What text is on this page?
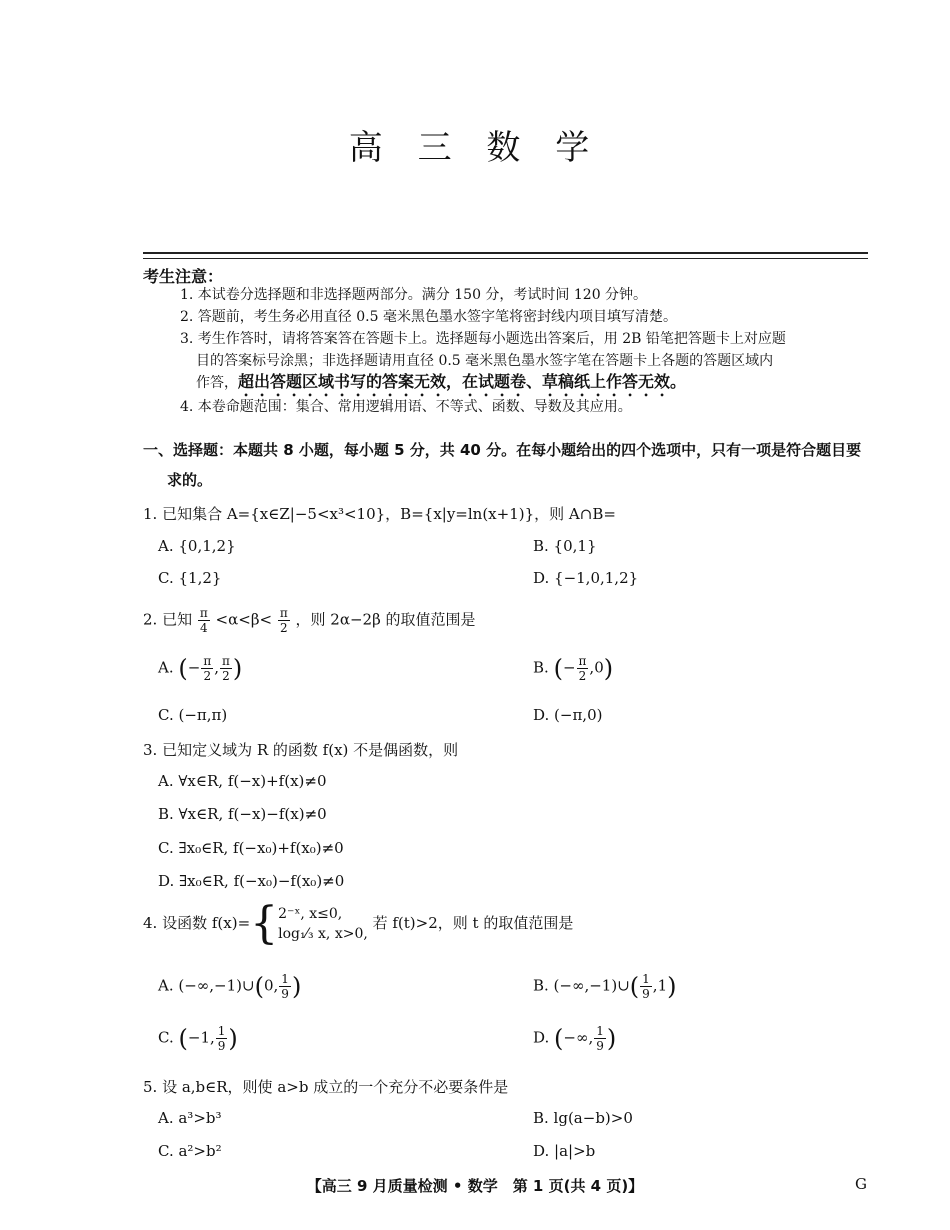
高 三 数 学
考生注意：
1. 本试卷分选择题和非选择题两部分。满分 150 分，考试时间 120 分钟。
2. 答题前，考生务必用直径 0.5 毫米黑色墨水签字笔将密封线内项目填写清楚。
3. 考生作答时，请将答案答在答题卡上。选择题每小题选出答案后，用 2B 铅笔把答题卡上对应题
目的答案标号涂黑；非选择题请用直径 0.5 毫米黑色墨水签字笔在答题卡上各题的答题区域内
作答，超出答题区域书写的答案无效，在试题卷、草稿纸上作答无效。
4. 本卷命题范围：集合、常用逻辑用语、不等式、函数、导数及其应用。
一、选择题：本题共 8 小题，每小题 5 分，共 40 分。在每小题给出的四个选项中，只有一项是符合题目要
求的。
1. 已知集合 A={x∈Z|−5<x³<10}，B={x|y=ln(x+1)}，则 A∩B=
A. {0,1,2}	B. {0,1}
C. {1,2}	D. {−1,0,1,2}
2. 已知 $\frac{\pi}{4} <\alpha<\beta< \frac{\pi}{2}$ ，则 2α−2β 的取值范围是
A. (− $\frac{\pi}{2}$ , $\frac{\pi}{2}$ )	B. (− $\frac{\pi}{2} ,0$)
C. (−π,π)	D. (−π,0)
3. 已知定义域为 R 的函数 f(x) 不是偶函数，则
A. ∀x∈R, f(−x)+f(x)≠0
B. ∀x∈R, f(−x)−f(x)≠0
C. ∃x₀∈R, f(−x₀)+f(x₀)≠0
D. ∃x₀∈R, f(−x₀)−f(x₀)≠0
4. 设函数 f(x)={ 2⁻ˣ, x≤0,
log₁⁄₃ x, x>0,
若 f(t)>2，则 t 的取值范围是
A. (−∞,−1)∪(0, $\frac{1}{9}$ )	B. (−∞,−1)∪( $\frac{1}{9} ,1$)
C. (−1, $\frac{1}{9}$ )	D. (−∞, $\frac{1}{9}$ )
5. 设 a,b∈R，则使 a>b 成立的一个充分不必要条件是
A. a³>b³	B. lg(a−b)>0
C. a²>b²	D. |a|>b
【高三 9 月质量检测 • 数学　第 1 页(共 4 页)】	G
